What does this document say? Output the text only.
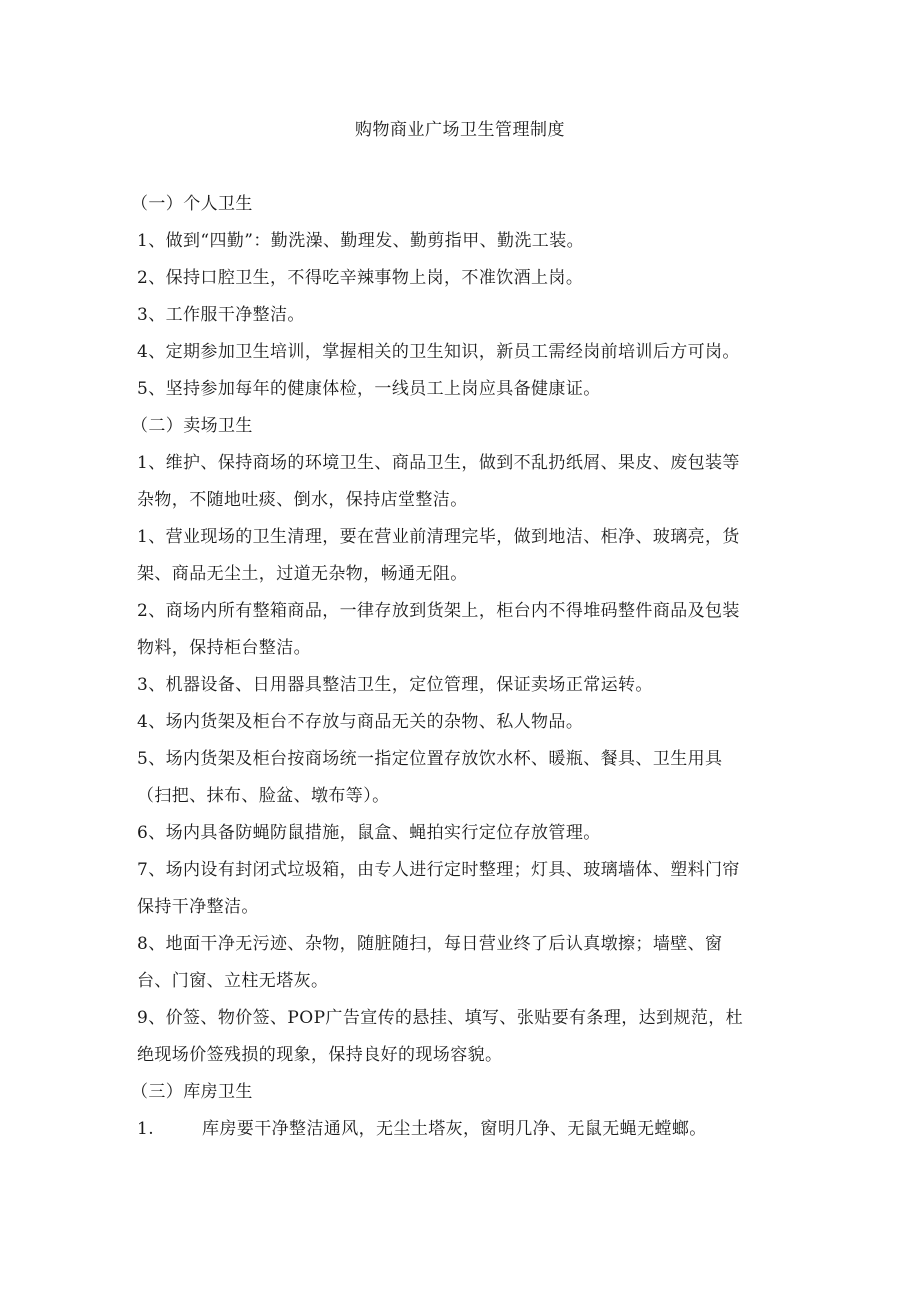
购物商业广场卫生管理制度
（一）个人卫生
1、做到“四勤”：勤洗澡、勤理发、勤剪指甲、勤洗工装。
2、保持口腔卫生，不得吃辛辣事物上岗，不准饮酒上岗。
3、工作服干净整洁。
4、定期参加卫生培训，掌握相关的卫生知识，新员工需经岗前培训后方可岗。
5、坚持参加每年的健康体检，一线员工上岗应具备健康证。
（二）卖场卫生
1、维护、保持商场的环境卫生、商品卫生，做到不乱扔纸屑、果皮、废包装等
杂物，不随地吐痰、倒水，保持店堂整洁。
1、营业现场的卫生清理，要在营业前清理完毕，做到地洁、柜净、玻璃亮，货
架、商品无尘土，过道无杂物，畅通无阻。
2、商场内所有整箱商品，一律存放到货架上，柜台内不得堆码整件商品及包装
物料，保持柜台整洁。
3、机器设备、日用器具整洁卫生，定位管理，保证卖场正常运转。
4、场内货架及柜台不存放与商品无关的杂物、私人物品。
5、场内货架及柜台按商场统一指定位置存放饮水杯、暖瓶、餐具、卫生用具
（扫把、抹布、脸盆、墩布等）。
6、场内具备防蝇防鼠措施，鼠盒、蝇拍实行定位存放管理。
7、场内设有封闭式垃圾箱，由专人进行定时整理；灯具、玻璃墙体、塑料门帘
保持干净整洁。
8、地面干净无污迹、杂物，随脏随扫，每日营业终了后认真墩擦；墙壁、窗
台、门窗、立柱无塔灰。
9、价签、物价签、POP广告宣传的悬挂、填写、张贴要有条理，达到规范，杜
绝现场价签残损的现象，保持良好的现场容貌。
（三）库房卫生
1.	库房要干净整洁通风，无尘土塔灰，窗明几净、无鼠无蝇无螳螂。
